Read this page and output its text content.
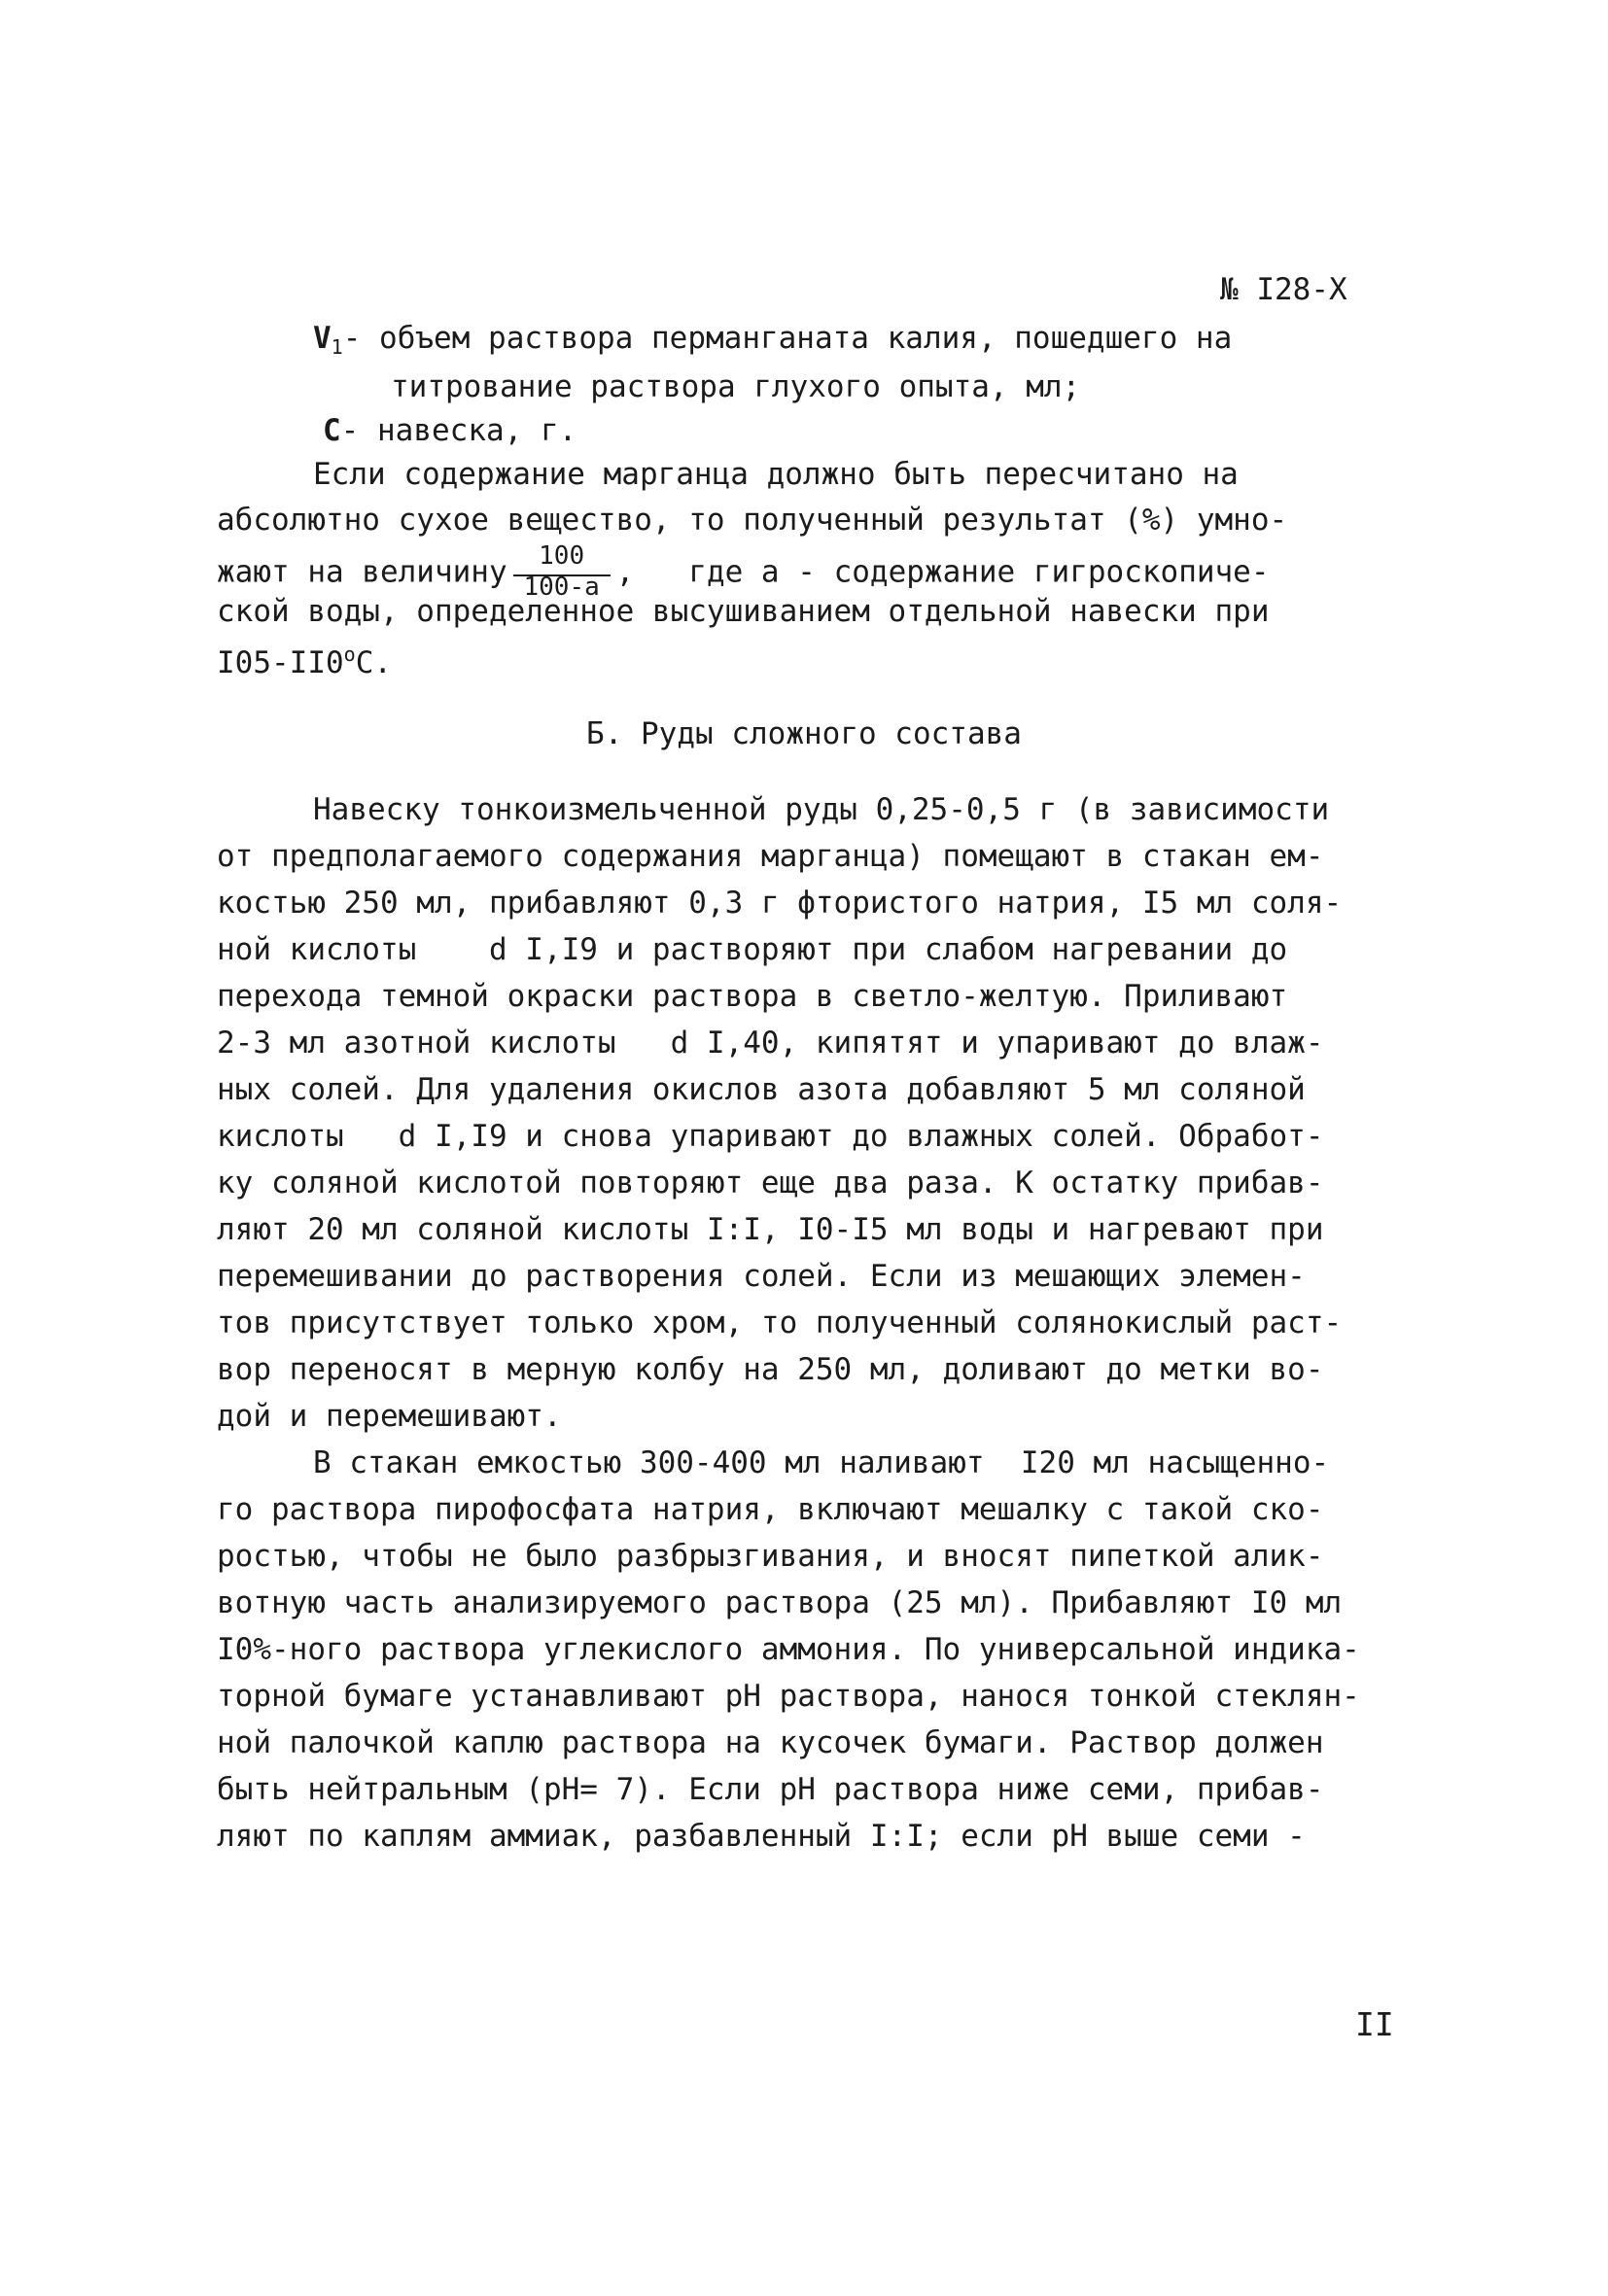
№ I28-X
$V_1-$ объем раствора перманганата калия, пошедшего на
титрование раствора глухого опыта, мл;
C- навеска, г.
Если содержание марганца должно быть пересчитано на
абсолютно сухое вещество, то полученный результат (%) умно-
жают на величину $\frac{100}{100-a}$ ,   где а - содержание гигроскопиче-
ской воды, определенное высушиванием отдельной навески при
I05-II0$^o$C.
Б. Руды сложного состава
Навеску тонкоизмельченной руды 0,25-0,5 г (в зависимости
от предполагаемого содержания марганца) помещают в стакан ем-
костью 250 мл, прибавляют 0,3 г фтористого натрия, I5 мл соля-
ной кислоты    d I,I9 и растворяют при слабом нагревании до
перехода темной окраски раствора в светло-желтую. Приливают
2-3 мл азотной кислоты   d I,40, кипятят и упаривают до влаж-
ных солей. Для удаления окислов азота добавляют 5 мл соляной
кислоты   d I,I9 и снова упаривают до влажных солей. Обработ-
ку соляной кислотой повторяют еще два раза. К остатку прибав-
ляют 20 мл соляной кислоты I:I, I0-I5 мл воды и нагревают при
перемешивании до растворения солей. Если из мешающих элемен-
тов присутствует только хром, то полученный солянокислый раст-
вор переносят в мерную колбу на 250 мл, доливают до метки во-
дой и перемешивают.
В стакан емкостью 300-400 мл наливают  I20 мл насыщенно-
го раствора пирофосфата натрия, включают мешалку с такой ско-
ростью, чтобы не было разбрызгивания, и вносят пипеткой алик-
вотную часть анализируемого раствора (25 мл). Прибавляют I0 мл
I0%-ного раствора углекислого аммония. По универсальной индика-
торной бумаге устанавливают pH раствора, нанося тонкой стеклян-
ной палочкой каплю раствора на кусочек бумаги. Раствор должен
быть нейтральным (pH= 7). Если pH раствора ниже семи, прибав-
ляют по каплям аммиак, разбавленный I:I; если pH выше семи -
II
